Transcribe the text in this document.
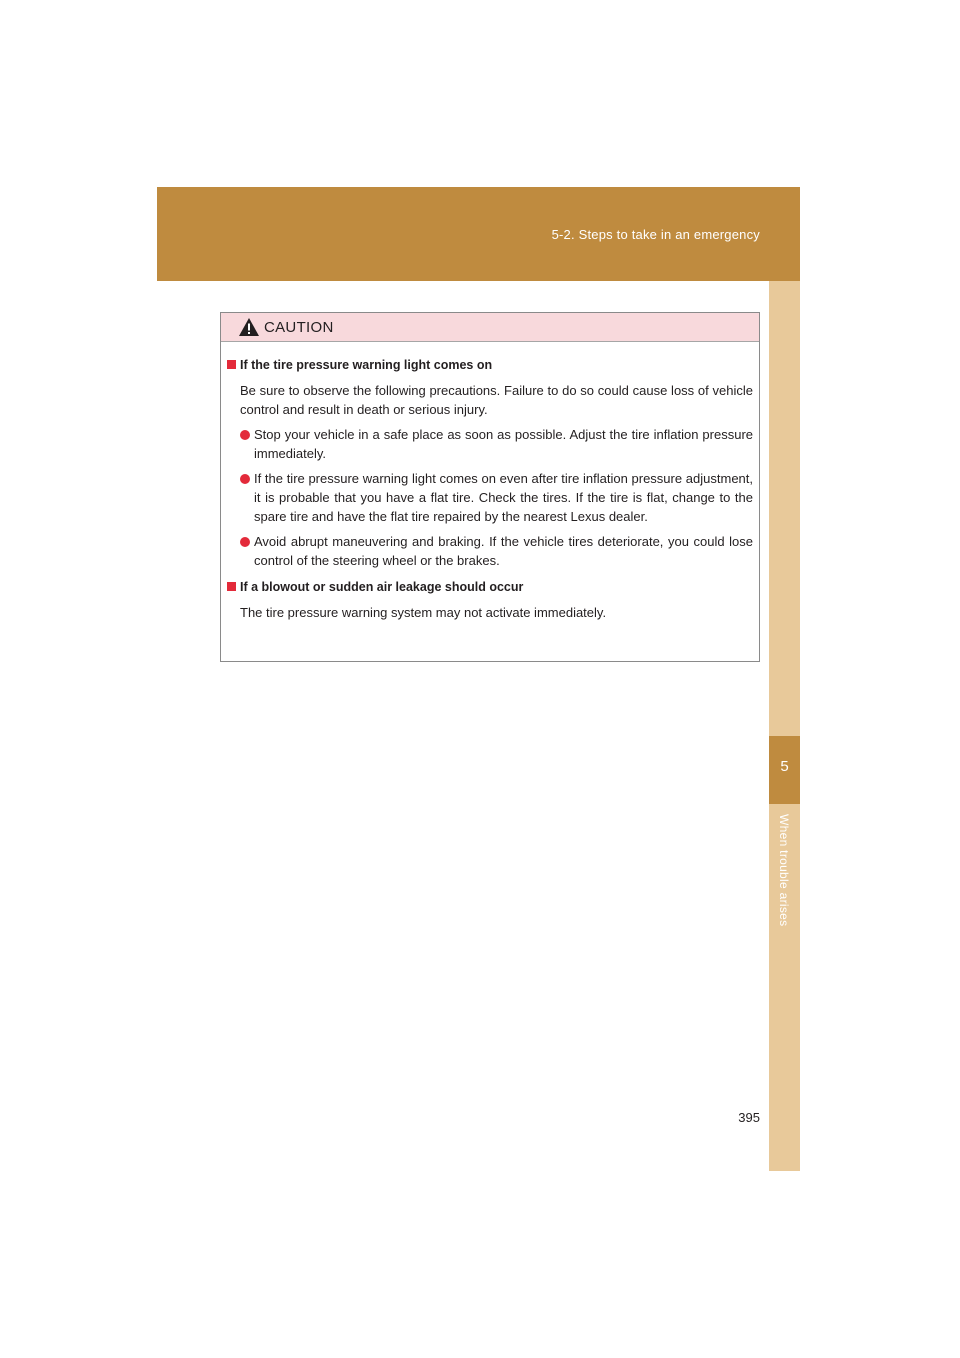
5-2. Steps to take in an emergency
5
When trouble arises
CAUTION
If the tire pressure warning light comes on

Be sure to observe the following precautions. Failure to do so could cause loss of vehicle control and result in death or serious injury.

Stop your vehicle in a safe place as soon as possible. Adjust the tire inflation pressure immediately.
If the tire pressure warning light comes on even after tire inflation pressure adjustment, it is probable that you have a flat tire. Check the tires. If the tire is flat, change to the spare tire and have the flat tire repaired by the nearest Lexus dealer.
Avoid abrupt maneuvering and braking. If the vehicle tires deteriorate, you could lose control of the steering wheel or the brakes.
If a blowout or sudden air leakage should occur

The tire pressure warning system may not activate immediately.

395
